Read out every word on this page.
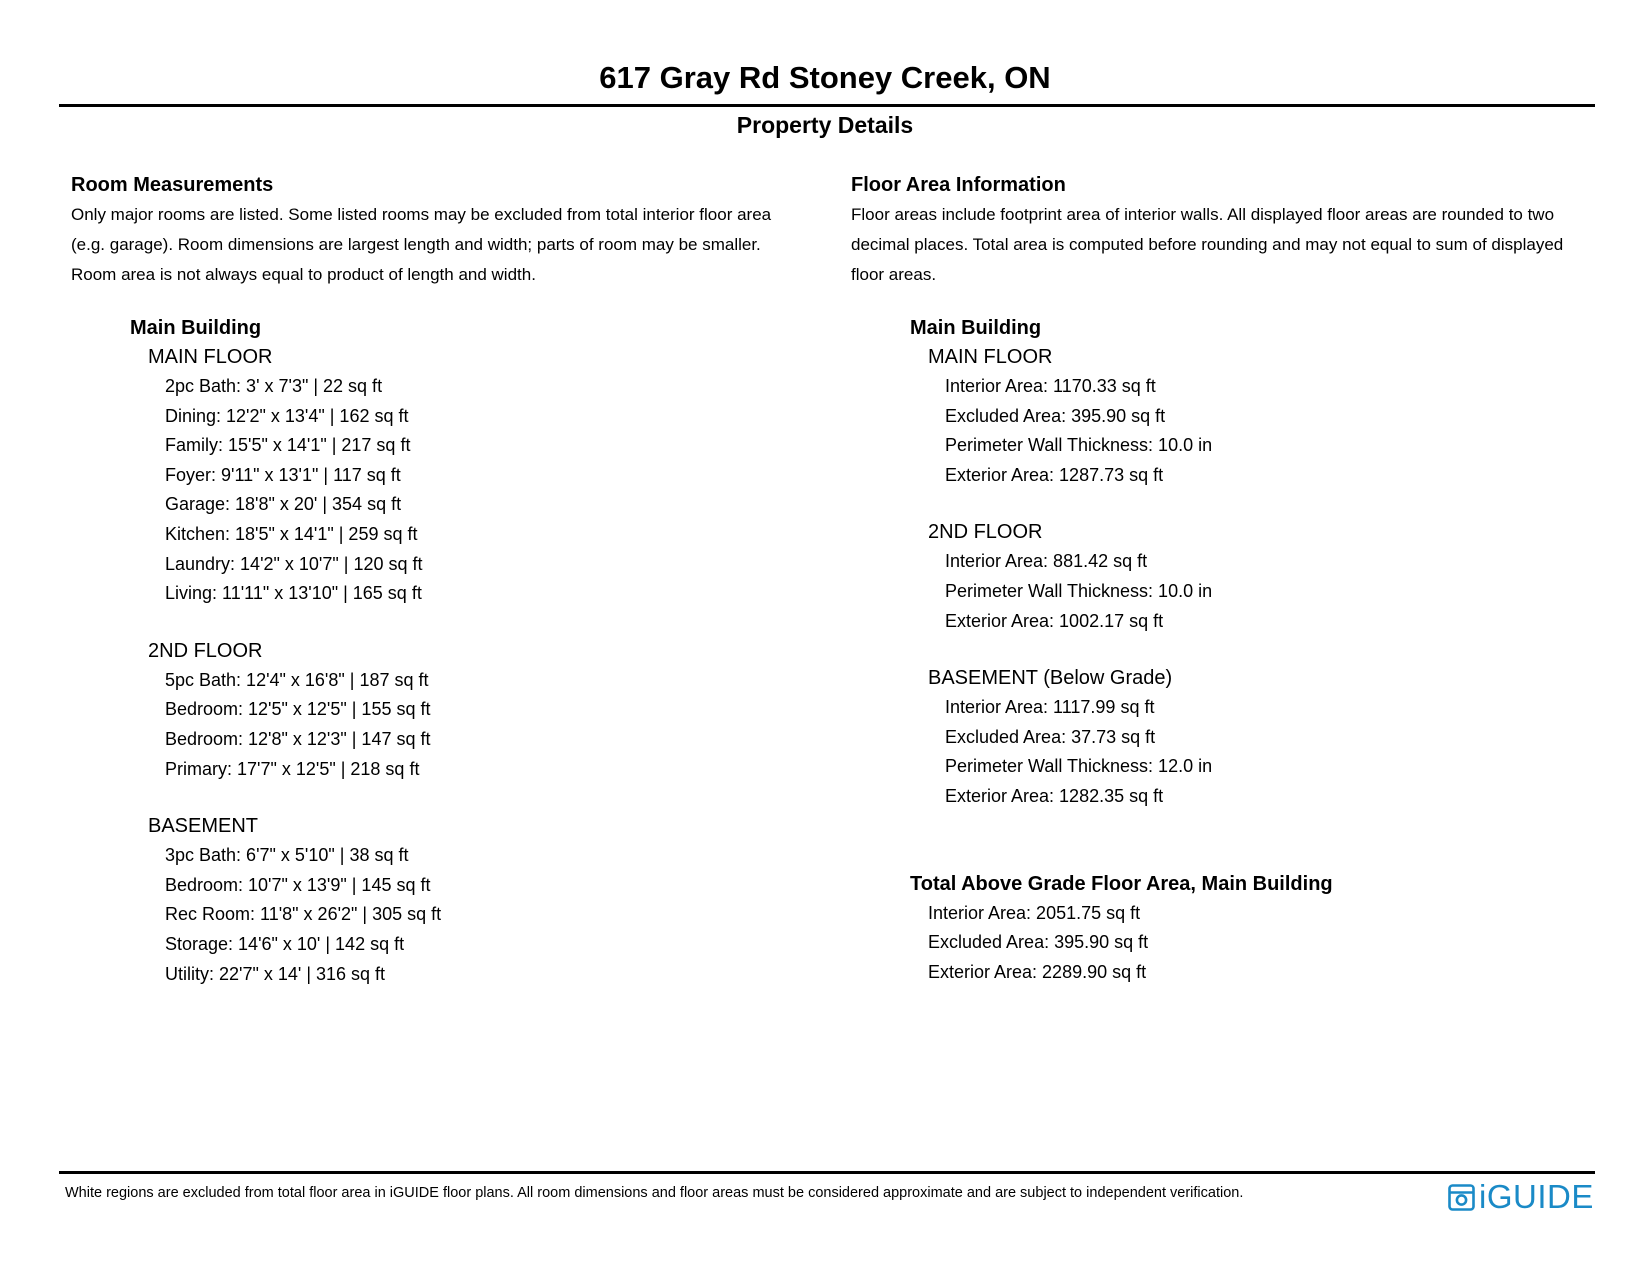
617 Gray Rd Stoney Creek, ON
Property Details

Room Measurements

Only major rooms are listed. Some listed rooms may be excluded from total interior floor area

(e.g. garage). Room dimensions are largest length and width; parts of room may be smaller.

Room area is not always equal to product of length and width.

Main Building

MAIN FLOOR

2pc Bath: 3' x 7'3" | 22 sq ft

Dining: 12'2" x 13'4" | 162 sq ft

Family: 15'5" x 14'1" | 217 sq ft

Foyer: 9'11" x 13'1" | 117 sq ft

Garage: 18'8" x 20' | 354 sq ft

Kitchen: 18'5" x 14'1" | 259 sq ft

Laundry: 14'2" x 10'7" | 120 sq ft

Living: 11'11" x 13'10" | 165 sq ft

2ND FLOOR

5pc Bath: 12'4" x 16'8" | 187 sq ft

Bedroom: 12'5" x 12'5" | 155 sq ft

Bedroom: 12'8" x 12'3" | 147 sq ft

Primary: 17'7" x 12'5" | 218 sq ft

BASEMENT

3pc Bath: 6'7" x 5'10" | 38 sq ft

Bedroom: 10'7" x 13'9" | 145 sq ft

Rec Room: 11'8" x 26'2" | 305 sq ft

Storage: 14'6" x 10' | 142 sq ft

Utility: 22'7" x 14' | 316 sq ft

Floor Area Information

Floor areas include footprint area of interior walls. All displayed floor areas are rounded to two

decimal places. Total area is computed before rounding and may not equal to sum of displayed

floor areas.

Main Building

MAIN FLOOR

Interior Area: 1170.33 sq ft

Excluded Area: 395.90 sq ft

Perimeter Wall Thickness: 10.0 in

Exterior Area: 1287.73 sq ft

2ND FLOOR

Interior Area: 881.42 sq ft

Perimeter Wall Thickness: 10.0 in

Exterior Area: 1002.17 sq ft

BASEMENT (Below Grade)

Interior Area: 1117.99 sq ft

Excluded Area: 37.73 sq ft

Perimeter Wall Thickness: 12.0 in

Exterior Area: 1282.35 sq ft

Total Above Grade Floor Area, Main Building

Interior Area: 2051.75 sq ft

Excluded Area: 395.90 sq ft

Exterior Area: 2289.90 sq ft

White regions are excluded from total floor area in iGUIDE floor plans. All room dimensions and floor areas must be considered approximate and are subject to independent verification.	iGUIDE
